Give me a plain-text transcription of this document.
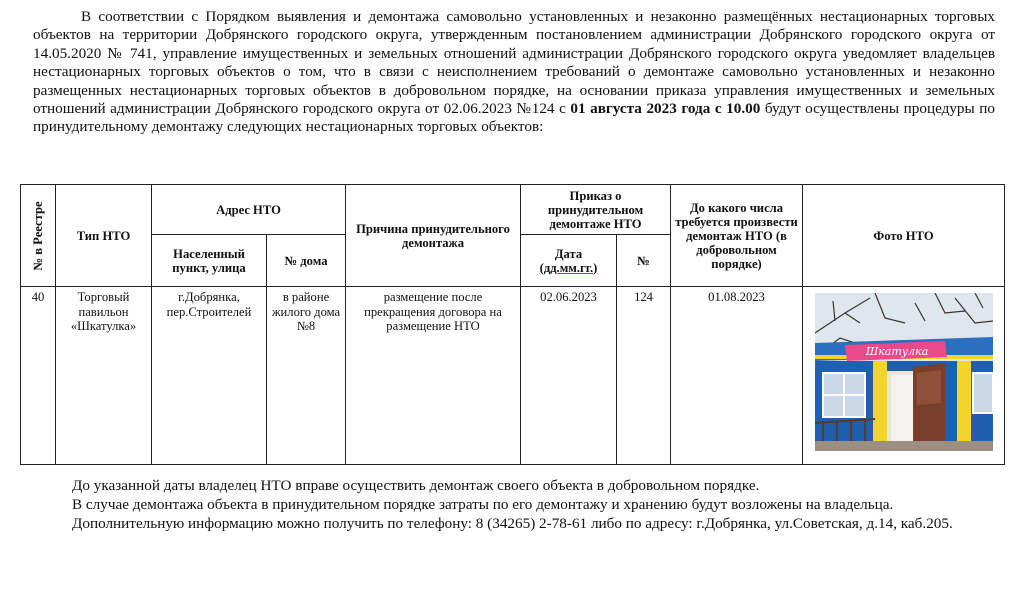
В соответствии с Порядком выявления и демонтажа самовольно установленных и незаконно размещённых нестационарных торговых объектов на территории Добрянского городского округа, утвержденным постановлением администрации Добрянского городского округа от 14.05.2020 № 741, управление имущественных и земельных отношений администрации Добрянского городского округа уведомляет владельцев нестационарных торговых объектов о том, что в связи с неисполнением требований о демонтаже самовольно установленных и незаконно размещенных нестационарных торговых объектов в добровольном порядке, на основании приказа управления имущественных и земельных отношений администрации Добрянского городского округа от 02.06.2023 №124 с 01 августа 2023 года с 10.00 будут осуществлены процедуры по принудительному демонтажу следующих нестационарных торговых объектов:

№ в Реестре	Тип НТО	Адрес НТО		Причина принудительного демонтажа	Приказ о принудительном демонтаже НТО		До какого числа требуется произвести демонтаж НТО (в добровольном порядке)	Фото НТО
		Населенный пункт, улица	№ дома		Дата
(дд.мм.гг.)	№		
40	Торговый павильон «Шкатулка»	г.Добрянка, пер.Строителей	в районе жилого дома №8	размещение после прекращения договора на размещение НТО	02.06.2023	124	01.08.2023	Шкатулка

До указанной даты владелец НТО вправе осуществить демонтаж своего объекта в добровольном порядке.

В случае демонтажа объекта в принудительном порядке затраты по его демонтажу и хранению будут возложены на владельца.

Дополнительную информацию можно получить по телефону: 8 (34265) 2-78-61 либо по адресу: г.Добрянка, ул.Советская, д.14, каб.205.
